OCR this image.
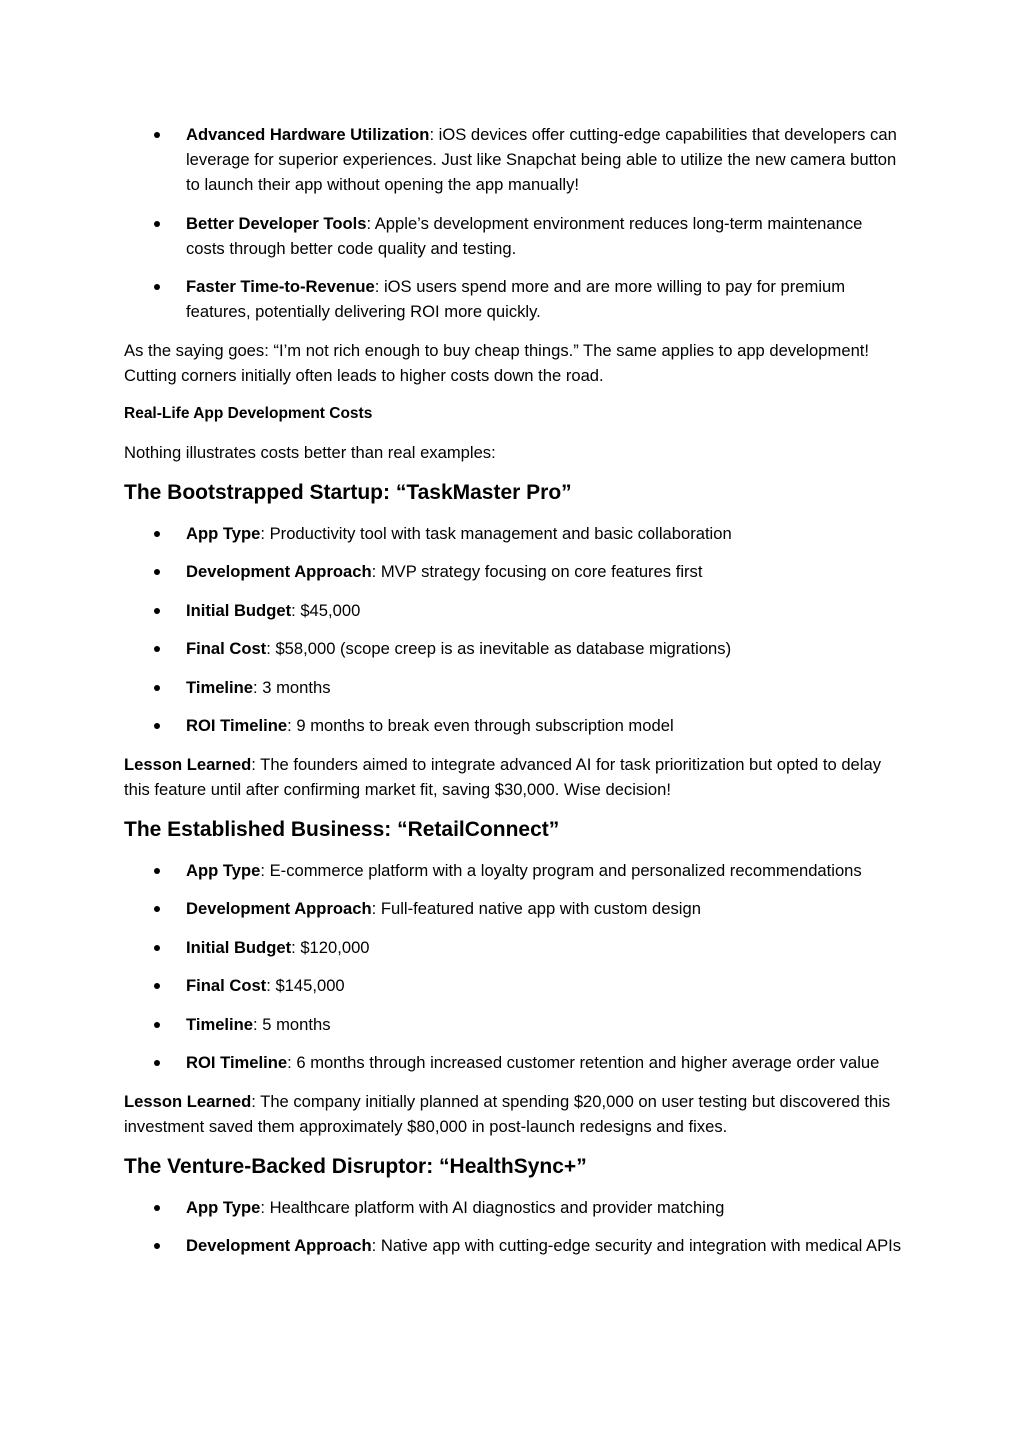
Advanced Hardware Utilization: iOS devices offer cutting-edge capabilities that developers can leverage for superior experiences. Just like Snapchat being able to utilize the new camera button to launch their app without opening the app manually!
Better Developer Tools: Apple’s development environment reduces long-term maintenance costs through better code quality and testing.
Faster Time-to-Revenue: iOS users spend more and are more willing to pay for premium features, potentially delivering ROI more quickly.

As the saying goes: “I’m not rich enough to buy cheap things.” The same applies to app development! Cutting corners initially often leads to higher costs down the road.

Real-Life App Development Costs

Nothing illustrates costs better than real examples:

The Bootstrapped Startup: “TaskMaster Pro”
App Type: Productivity tool with task management and basic collaboration
Development Approach: MVP strategy focusing on core features first
Initial Budget: $45,000
Final Cost: $58,000 (scope creep is as inevitable as database migrations)
Timeline: 3 months
ROI Timeline: 9 months to break even through subscription model

Lesson Learned: The founders aimed to integrate advanced AI for task prioritization but opted to delay this feature until after confirming market fit, saving $30,000. Wise decision!

The Established Business: “RetailConnect”
App Type: E-commerce platform with a loyalty program and personalized recommendations
Development Approach: Full-featured native app with custom design
Initial Budget: $120,000
Final Cost: $145,000
Timeline: 5 months
ROI Timeline: 6 months through increased customer retention and higher average order value

Lesson Learned: The company initially planned at spending $20,000 on user testing but discovered this investment saved them approximately $80,000 in post-launch redesigns and fixes.

The Venture-Backed Disruptor: “HealthSync+”
App Type: Healthcare platform with AI diagnostics and provider matching
Development Approach: Native app with cutting-edge security and integration with medical APIs
